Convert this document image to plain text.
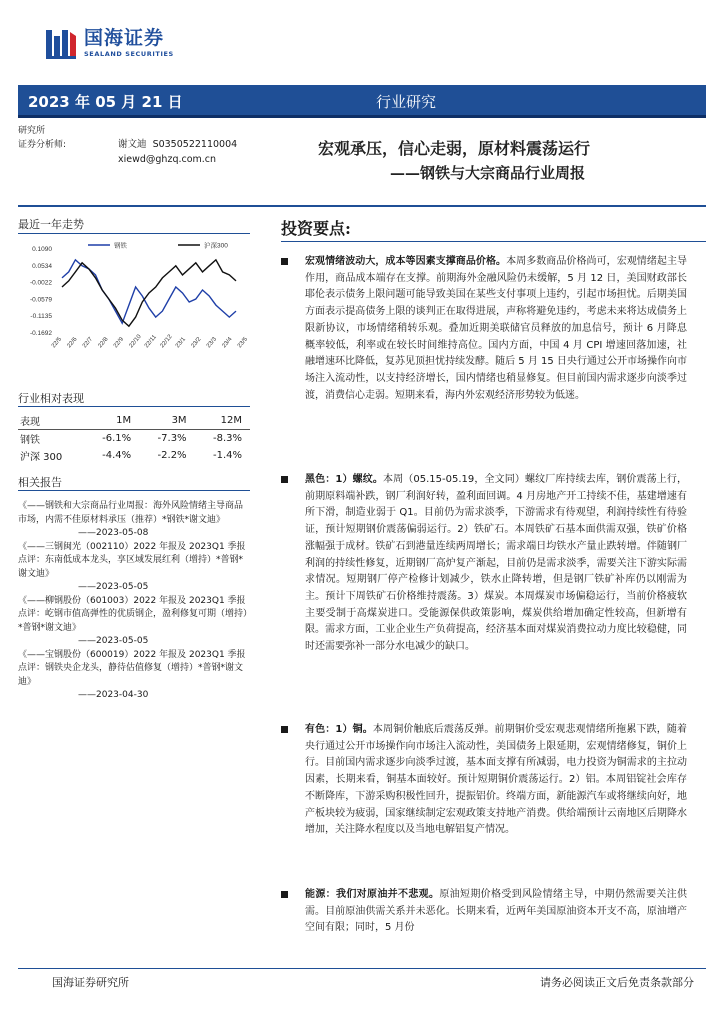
国海证券
SEALAND SECURITIES
2023 年 05 月 21 日	行业研究
研究所
证券分析师:	谢文迪 S0350522110004
xiewd@ghzq.com.cn
宏观承压，信心走弱，原材料震荡运行
——钢铁与大宗商品行业周报
最近一年走势
0.1090
0.0534
-0.0022
-0.0579
-0.1135
-0.1692
22/5 22/6 22/7 22/8 22/9 22/10 22/11 22/12 23/1 23/2 23/3 23/4 23/5
钢铁	沪深300
行业相对表现
表现	1M	3M	12M
钢铁	-6.1%	-7.3%	-8.3%
沪深 300	-4.4%	-2.2%	-1.4%
相关报告
《——钢铁和大宗商品行业周报：海外风险情绪主导商品市场，内需不佳原材料承压（推荐）*钢铁*谢文迪》
——2023-05-08
《——三钢闽光（002110）2022 年报及 2023Q1 季报点评：东南低成本龙头，享区域发展红利（增持）*普钢*谢文迪》
——2023-05-05
《——柳钢股份（601003）2022 年报及 2023Q1 季报点评：屹钢市值高弹性的优质钢企，盈利修复可期（增持）*普钢*谢文迪》
——2023-05-05
《——宝钢股份（600019）2022 年报及 2023Q1 季报点评：钢铁央企龙头，静待估值修复（增持）*普钢*谢文迪》
——2023-04-30
投资要点:
宏观情绪波动大，成本等因素支撑商品价格。本周多数商品价格尚可，宏观情绪起主导作用，商品成本端存在支撑。前期海外金融风险仍未缓解，5 月 12 日，美国财政部长耶伦表示债务上限问题可能导致美国在某些支付事项上违约，引起市场担忧。后期美国方面表示提高债务上限的谈判正在取得进展，声称将避免违约，考虑未来将达成债务上限新协议，市场情绪稍转乐观。叠加近期美联储官员释放的加息信号，预计 6 月降息概率较低，利率或在较长时间维持高位。国内方面，中国 4 月 CPI 增速回落加速，社融增速环比降低，复苏见顶担忧持续发酵。随后 5 月 15 日央行通过公开市场操作向市场注入流动性，以支持经济增长，国内情绪也稍显修复。但目前国内需求逐步向淡季过渡，消费信心走弱。短期来看，海内外宏观经济形势较为低迷。
黑色：1）螺纹。本周（05.15-05.19，全文同）螺纹厂库持续去库，钢价震荡上行，前期原料端补跌，钢厂利润好转，盈利面回调。4 月房地产开工持续不佳，基建增速有所下滑，制造业弱于 Q1。目前仍为需求淡季，下游需求有待观望，利润持续性有待验证，预计短期钢价震荡偏弱运行。2）铁矿石。本周铁矿石基本面供需双强，铁矿价格涨幅强于成材。铁矿石到港量连续两周增长；需求端日均铁水产量止跌转增。伴随钢厂利润的持续性修复，近期钢厂高炉复产渐起，目前仍是需求淡季，需要关注下游实际需求情况。短期钢厂停产检修计划减少，铁水止降转增，但是钢厂铁矿补库仍以刚需为主。预计下周铁矿石价格维持震荡。3）煤炭。本周煤炭市场偏稳运行，当前价格疲软主要受制于高煤炭进口。受能源保供政策影响，煤炭供给增加确定性较高，但新增有限。需求方面，工业企业生产负荷提高，经济基本面对煤炭消费拉动力度比较稳健，同时还需要弥补一部分水电减少的缺口。
有色：1）铜。本周铜价触底后震荡反弹。前期铜价受宏观悲观情绪所拖累下跌，随着央行通过公开市场操作向市场注入流动性，美国债务上限延期，宏观情绪修复，铜价上行。目前国内需求逐步向淡季过渡，基本面支撑有所减弱，电力投资为铜需求的主拉动因素，长期来看，铜基本面较好。预计短期铜价震荡运行。2）铝。本周铝锭社会库存不断降库，下游采购积极性回升，提振铝价。终端方面，新能源汽车或将继续向好，地产板块较为疲弱，国家继续制定宏观政策支持地产消费。供给端预计云南地区后期降水增加，关注降水程度以及当地电解铝复产情况。
能源：我们对原油并不悲观。原油短期价格受到风险情绪主导，中期仍然需要关注供需。目前原油供需关系并未恶化。长期来看，近两年美国原油资本开支不高，原油增产空间有限；同时，5 月份
国海证券研究所	请务必阅读正文后免责条款部分
